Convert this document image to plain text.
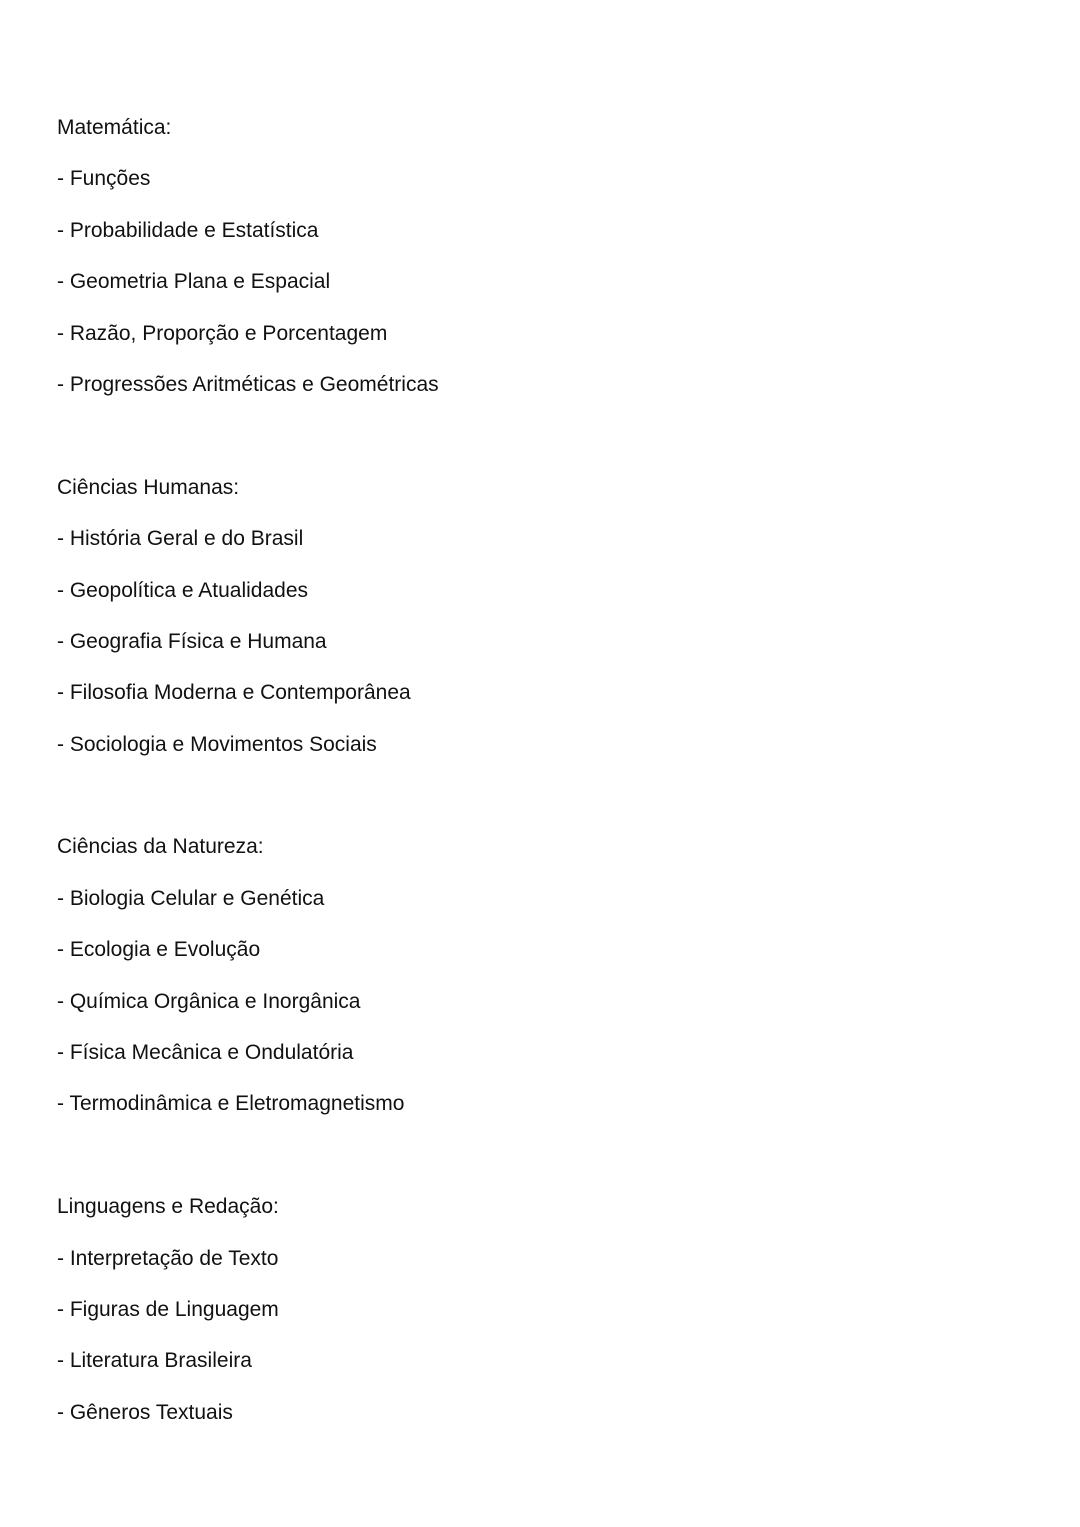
Matemática:
- Funções
- Probabilidade e Estatística
- Geometria Plana e Espacial
- Razão, Proporção e Porcentagem
- Progressões Aritméticas e Geométricas
Ciências Humanas:
- História Geral e do Brasil
- Geopolítica e Atualidades
- Geografia Física e Humana
- Filosofia Moderna e Contemporânea
- Sociologia e Movimentos Sociais
Ciências da Natureza:
- Biologia Celular e Genética
- Ecologia e Evolução
- Química Orgânica e Inorgânica
- Física Mecânica e Ondulatória
- Termodinâmica e Eletromagnetismo
Linguagens e Redação:
- Interpretação de Texto
- Figuras de Linguagem
- Literatura Brasileira
- Gêneros Textuais
